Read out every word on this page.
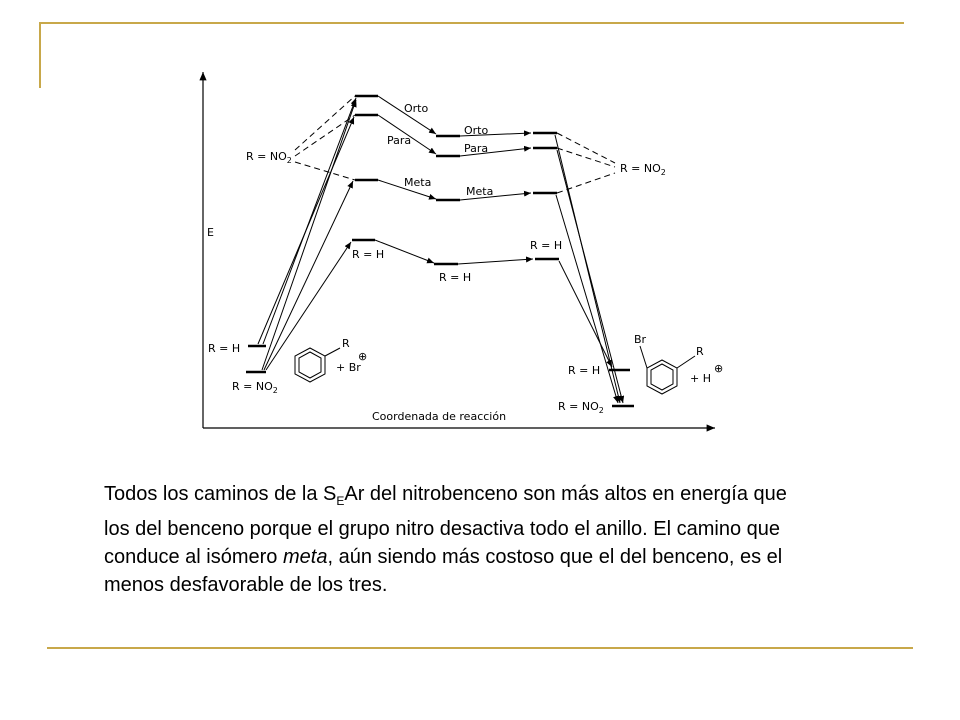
E
Coordenada de reacción
R = H
$R = NO_2$
R = H
$R = NO_2$
$R = NO_2$
$R = NO_2$
Orto
Orto
Para
Para
Meta
Meta
R = H
R = H
R = H
R
+ Br
⊕
Br
R
+ H
⊕

Todos los caminos de la $S_EAr$ del nitrobenceno son más altos en energía que los del benceno porque el grupo nitro desactiva todo el anillo. El camino que conduce al isómero meta, aún siendo más costoso que el del benceno, es el menos desfavorable de los tres.
